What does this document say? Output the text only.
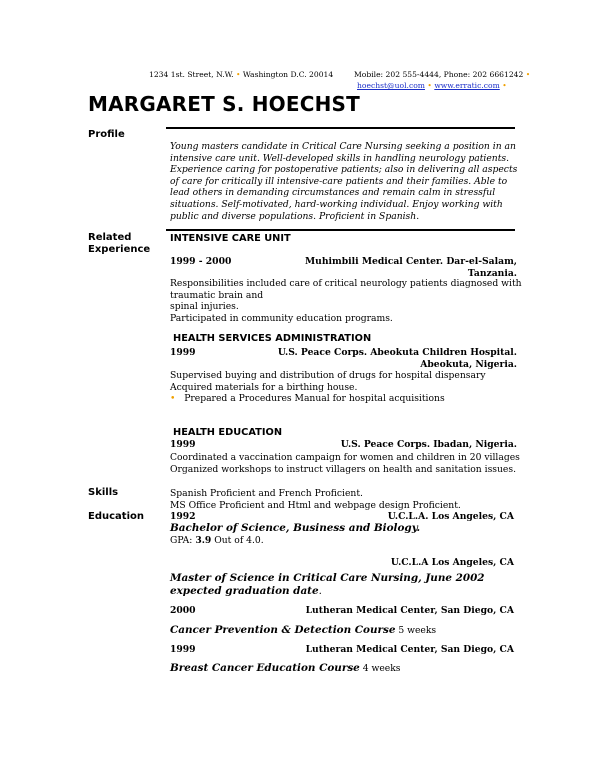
1234 1st. Street, N.W. • Washington D.C. 20014	Mobile: 202 555-4444, Phone: 202 6661242 •
hoechst@uol.com • www.erratic.com •
MARGARET S. HOECHST
Profile
Young masters candidate in Critical Care Nursing seeking a position in an intensive care unit. Well-developed skills in handling neurology patients. Experience caring for postoperative patients; also in delivering all aspects of care for critically ill intensive-care patients and their families. Able to lead others in demanding circumstances and remain calm in stressful situations. Self-motivated, hard-working individual. Enjoy working with public and diverse populations. Proficient in Spanish.
Related
Experience
INTENSIVE CARE UNIT
1999 - 2000	Muhimbili Medical Center. Dar-el-Salam,
Tanzania.
Responsibilities included care of critical neurology patients diagnosed with
traumatic brain and
spinal injuries.
Participated in community education programs.
HEALTH SERVICES ADMINISTRATION
1999	U.S. Peace Corps. Abeokuta Children Hospital.
Abeokuta, Nigeria.
Supervised buying and distribution of drugs for hospital dispensary
Acquired materials for a birthing house.
• Prepared a Procedures Manual for hospital acquisitions
HEALTH EDUCATION
1999	U.S. Peace Corps. Ibadan, Nigeria.
Coordinated a vaccination campaign for women and children in 20 villages
Organized workshops to instruct villagers on health and sanitation issues.
Skills	Spanish Proficient and French Proficient.
MS Office Proficient and Html and webpage design Proficient.
Education	1992	U.C.L.A. Los Angeles, CA
Bachelor of Science, Business and Biology.
GPA: 3.9 Out of 4.0.
U.C.L.A Los Angeles, CA
Master of Science in Critical Care Nursing, June 2002
expected graduation date.
2000	Lutheran Medical Center, San Diego, CA
Cancer Prevention & Detection Course 5 weeks
1999	Lutheran Medical Center, San Diego, CA
Breast Cancer Education Course 4 weeks
